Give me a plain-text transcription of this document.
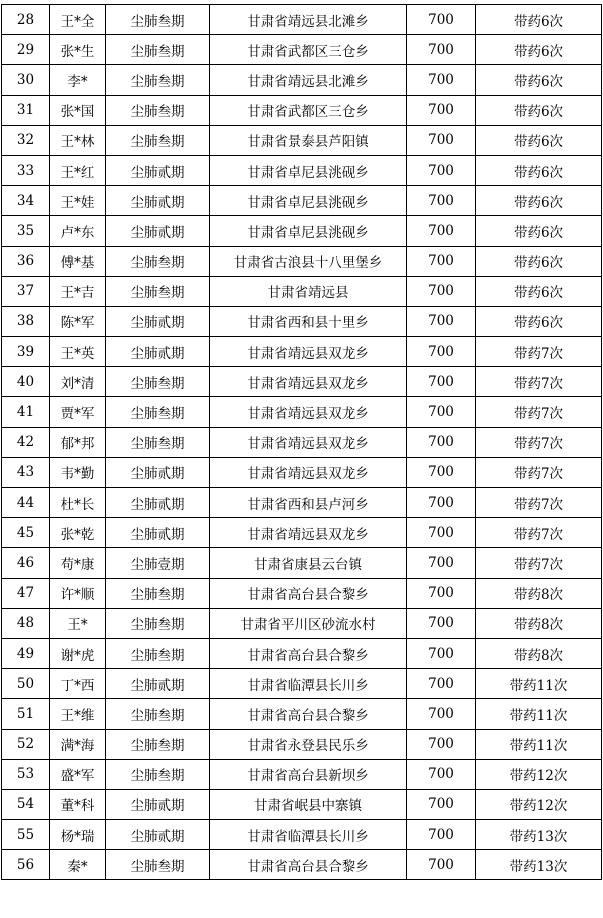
28	王*全	尘肺叁期	甘肃省靖远县北滩乡	700	带药6次
29	张*生	尘肺叁期	甘肃省武都区三仓乡	700	带药6次
30	李*	尘肺叁期	甘肃省靖远县北滩乡	700	带药6次
31	张*国	尘肺叁期	甘肃省武都区三仓乡	700	带药6次
32	王*林	尘肺叁期	甘肃省景泰县芦阳镇	700	带药6次
33	王*红	尘肺贰期	甘肃省卓尼县洮砚乡	700	带药6次
34	王*娃	尘肺贰期	甘肃省卓尼县洮砚乡	700	带药6次
35	卢*东	尘肺贰期	甘肃省卓尼县洮砚乡	700	带药6次
36	傅*基	尘肺叁期	甘肃省古浪县十八里堡乡	700	带药6次
37	王*吉	尘肺叁期	甘肃省靖远县	700	带药6次
38	陈*军	尘肺贰期	甘肃省西和县十里乡	700	带药6次
39	王*英	尘肺贰期	甘肃省靖远县双龙乡	700	带药7次
40	刘*清	尘肺叁期	甘肃省靖远县双龙乡	700	带药7次
41	贾*军	尘肺叁期	甘肃省靖远县双龙乡	700	带药7次
42	郁*邦	尘肺叁期	甘肃省靖远县双龙乡	700	带药7次
43	韦*勤	尘肺贰期	甘肃省靖远县双龙乡	700	带药7次
44	杜*长	尘肺贰期	甘肃省西和县卢河乡	700	带药7次
45	张*乾	尘肺贰期	甘肃省靖远县双龙乡	700	带药7次
46	苟*康	尘肺壹期	甘肃省康县云台镇	700	带药7次
47	许*顺	尘肺叁期	甘肃省高台县合黎乡	700	带药8次
48	王*	尘肺叁期	甘肃省平川区砂流水村	700	带药8次
49	谢*虎	尘肺叁期	甘肃省高台县合黎乡	700	带药8次
50	丁*西	尘肺贰期	甘肃省临潭县长川乡	700	带药11次
51	王*维	尘肺叁期	甘肃省高台县合黎乡	700	带药11次
52	满*海	尘肺叁期	甘肃省永登县民乐乡	700	带药11次
53	盛*军	尘肺叁期	甘肃省高台县新坝乡	700	带药12次
54	董*科	尘肺贰期	甘肃省岷县中寨镇	700	带药12次
55	杨*瑞	尘肺贰期	甘肃省临潭县长川乡	700	带药13次
56	秦*	尘肺叁期	甘肃省高台县合黎乡	700	带药13次
